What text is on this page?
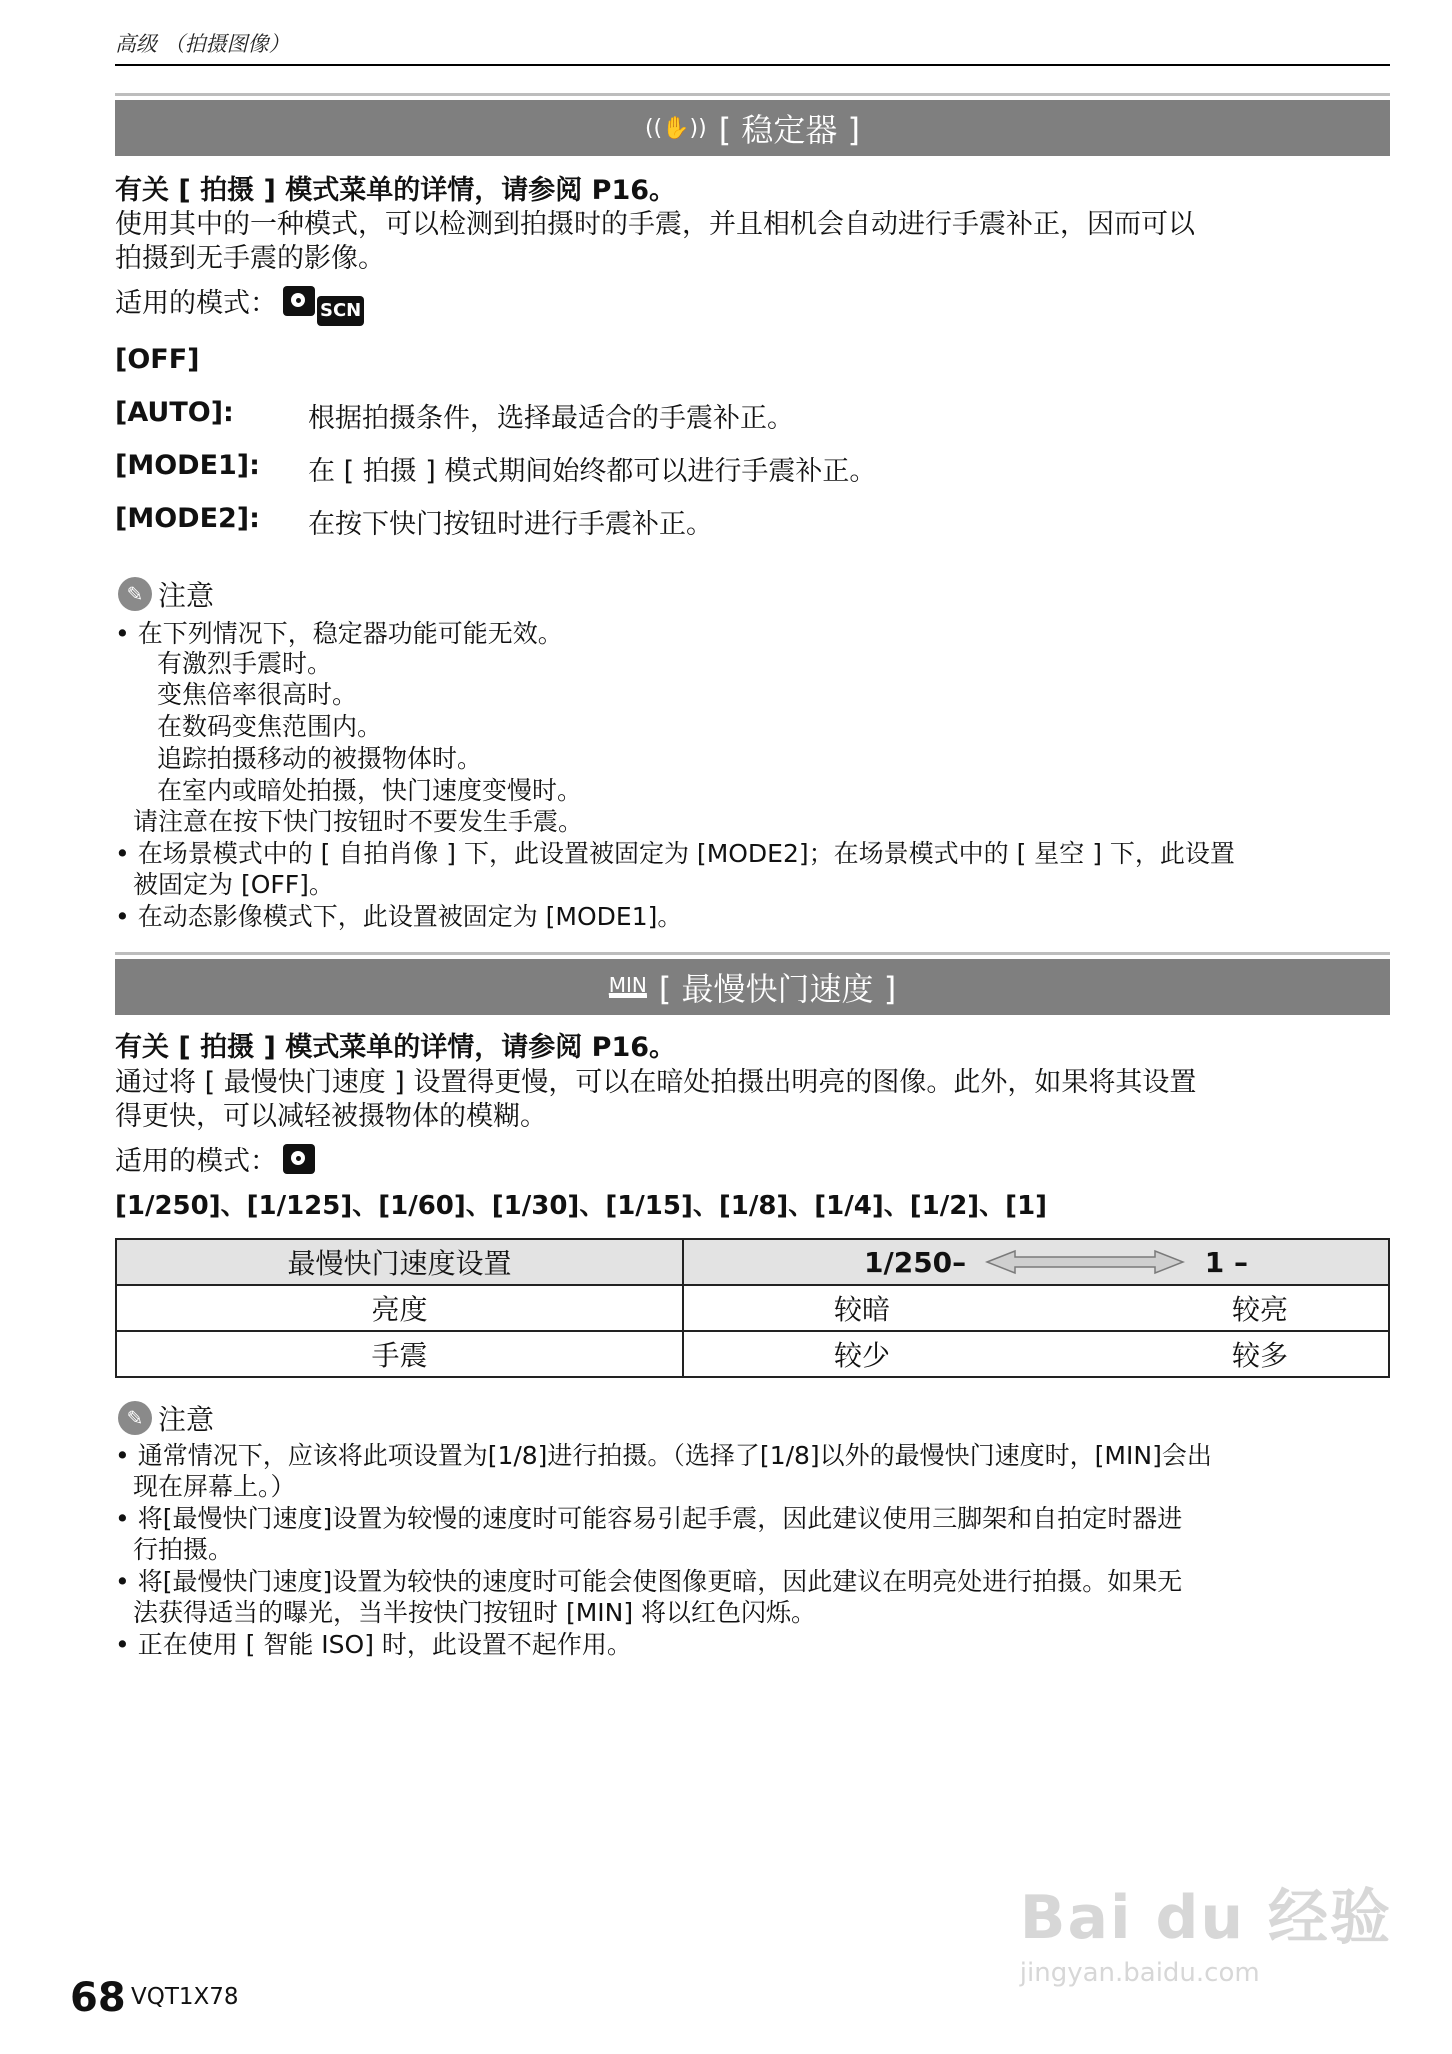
高级 （拍摄图像）
((✋)) [ 稳定器 ]
有关 [ 拍摄 ] 模式菜单的详情，请参阅 P16。
使用其中的一种模式，可以检测到拍摄时的手震，并且相机会自动进行手震补正，因而可以
拍摄到无手震的影像。
适用的模式： SCN
[OFF]
[AUTO]:	根据拍摄条件，选择最适合的手震补正。
[MODE1]: 在 [ 拍摄 ] 模式期间始终都可以进行手震补正。
[MODE2]: 在按下快门按钮时进行手震补正。
✎ 注意
• 在下列情况下，稳定器功能可能无效。
有激烈手震时。
变焦倍率很高时。
在数码变焦范围内。
追踪拍摄移动的被摄物体时。
在室内或暗处拍摄，快门速度变慢时。
请注意在按下快门按钮时不要发生手震。
• 在场景模式中的 [ 自拍肖像 ] 下，此设置被固定为 [MODE2]；在场景模式中的 [ 星空 ] 下，此设置
被固定为 [OFF]。
• 在动态影像模式下，此设置被固定为 [MODE1]。
MIN [ 最慢快门速度 ]
有关 [ 拍摄 ] 模式菜单的详情，请参阅 P16。
通过将 [ 最慢快门速度 ] 设置得更慢，可以在暗处拍摄出明亮的图像。此外，如果将其设置
得更快，可以减轻被摄物体的模糊。
适用的模式：
[1/250]、[1/125]、[1/60]、[1/30]、[1/15]、[1/8]、[1/4]、[1/2]、[1]
最慢快门速度设置	1/250– 1 –

亮度	较暗 较亮

手震	较少 较多
✎ 注意
• 通常情况下，应该将此项设置为[1/8]进行拍摄。（选择了[1/8]以外的最慢快门速度时，[MIN]会出
现在屏幕上。）
• 将[最慢快门速度]设置为较慢的速度时可能容易引起手震，因此建议使用三脚架和自拍定时器进
行拍摄。
• 将[最慢快门速度]设置为较快的速度时可能会使图像更暗，因此建议在明亮处进行拍摄。如果无
法获得适当的曝光，当半按快门按钮时 [MIN] 将以红色闪烁。
• 正在使用 [ 智能 ISO] 时，此设置不起作用。
68 VQT1X78
Bai du 经验
jingyan.baidu.com
